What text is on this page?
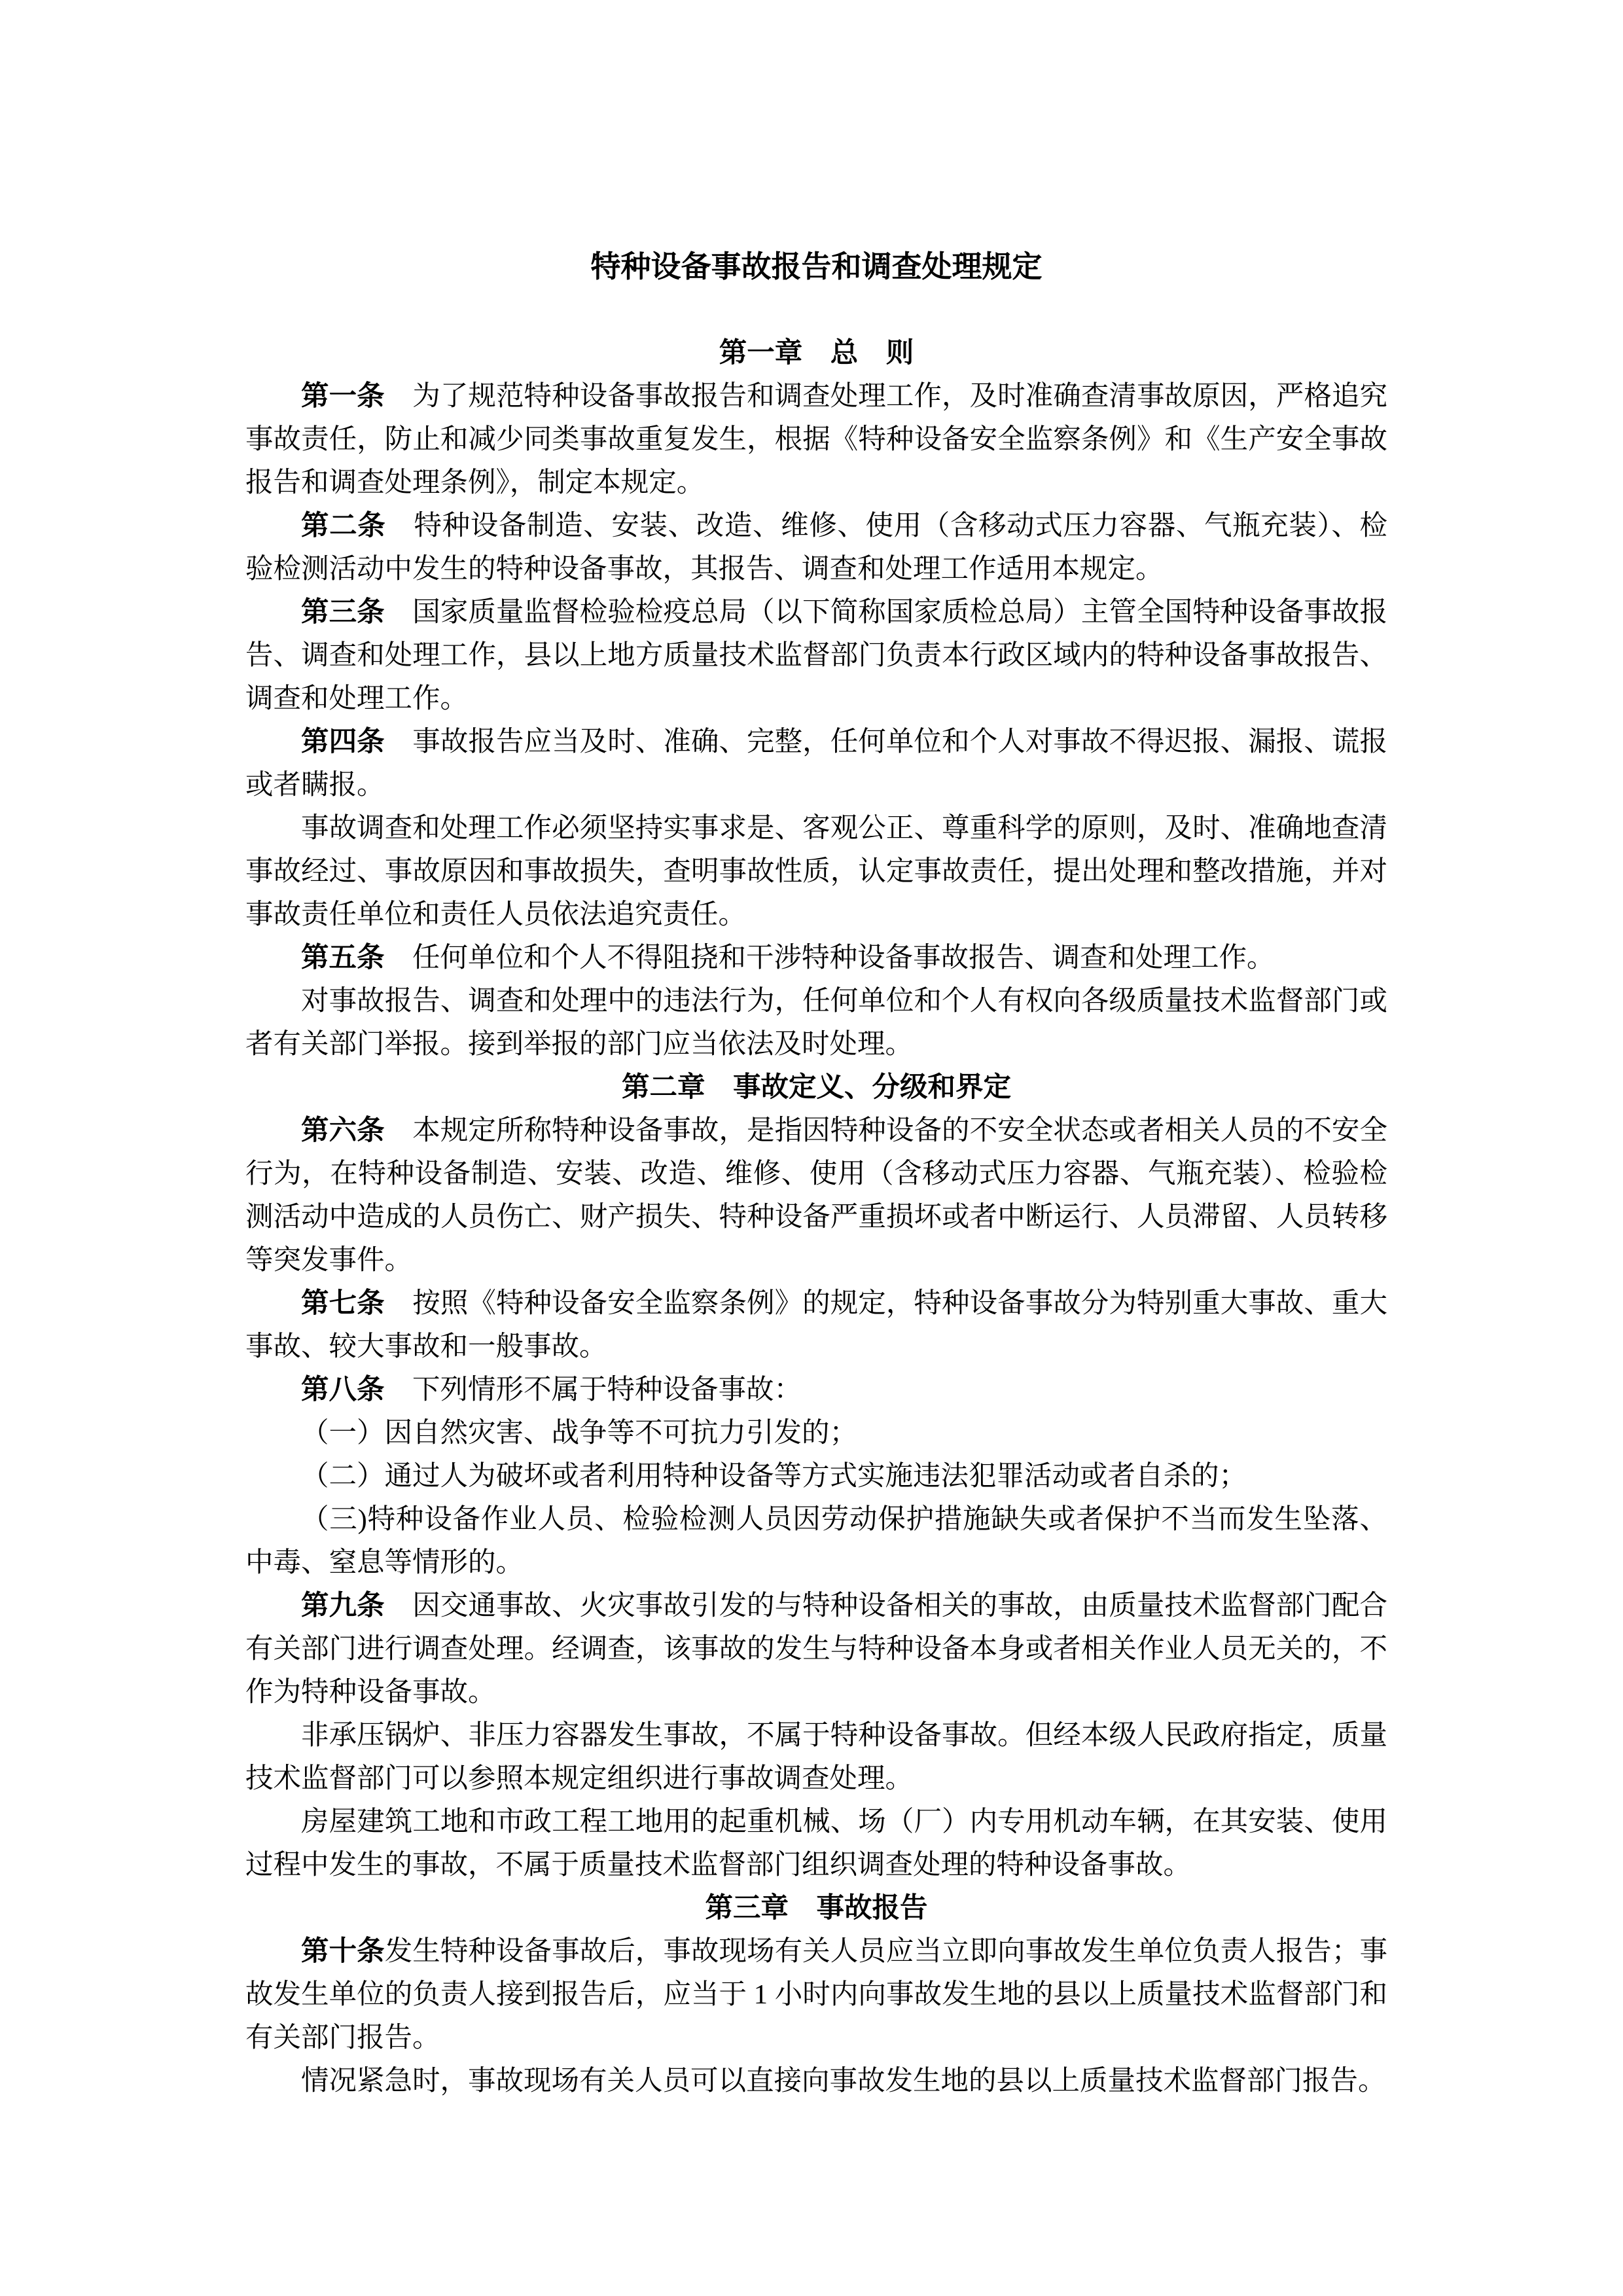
特种设备事故报告和调查处理规定

第一章　总　则

第一条　为了规范特种设备事故报告和调查处理工作，及时准确查清事故原因，严格追究事故责任，防止和减少同类事故重复发生，根据《特种设备安全监察条例》和《生产安全事故报告和调查处理条例》，制定本规定。

第二条　特种设备制造、安装、改造、维修、使用（含移动式压力容器、气瓶充装）、检验检测活动中发生的特种设备事故，其报告、调查和处理工作适用本规定。

第三条　国家质量监督检验检疫总局（以下简称国家质检总局）主管全国特种设备事故报告、调查和处理工作，县以上地方质量技术监督部门负责本行政区域内的特种设备事故报告、调查和处理工作。

第四条　事故报告应当及时、准确、完整，任何单位和个人对事故不得迟报、漏报、谎报或者瞒报。

事故调查和处理工作必须坚持实事求是、客观公正、尊重科学的原则，及时、准确地查清事故经过、事故原因和事故损失，查明事故性质，认定事故责任，提出处理和整改措施，并对事故责任单位和责任人员依法追究责任。

第五条　任何单位和个人不得阻挠和干涉特种设备事故报告、调查和处理工作。

对事故报告、调查和处理中的违法行为，任何单位和个人有权向各级质量技术监督部门或者有关部门举报。接到举报的部门应当依法及时处理。

第二章　事故定义、分级和界定

第六条　本规定所称特种设备事故，是指因特种设备的不安全状态或者相关人员的不安全行为，在特种设备制造、安装、改造、维修、使用（含移动式压力容器、气瓶充装）、检验检测活动中造成的人员伤亡、财产损失、特种设备严重损坏或者中断运行、人员滞留、人员转移等突发事件。

第七条　按照《特种设备安全监察条例》的规定，特种设备事故分为特别重大事故、重大事故、较大事故和一般事故。

第八条　下列情形不属于特种设备事故：

（一）因自然灾害、战争等不可抗力引发的；

（二）通过人为破坏或者利用特种设备等方式实施违法犯罪活动或者自杀的；

（三)特种设备作业人员、检验检测人员因劳动保护措施缺失或者保护不当而发生坠落、中毒、窒息等情形的。

第九条　因交通事故、火灾事故引发的与特种设备相关的事故，由质量技术监督部门配合有关部门进行调查处理。经调查，该事故的发生与特种设备本身或者相关作业人员无关的，不作为特种设备事故。

非承压锅炉、非压力容器发生事故，不属于特种设备事故。但经本级人民政府指定，质量技术监督部门可以参照本规定组织进行事故调查处理。

房屋建筑工地和市政工程工地用的起重机械、场（厂）内专用机动车辆，在其安装、使用过程中发生的事故，不属于质量技术监督部门组织调查处理的特种设备事故。

第三章　事故报告

第十条发生特种设备事故后，事故现场有关人员应当立即向事故发生单位负责人报告；事故发生单位的负责人接到报告后，应当于 1 小时内向事故发生地的县以上质量技术监督部门和有关部门报告。

情况紧急时，事故现场有关人员可以直接向事故发生地的县以上质量技术监督部门报告。
